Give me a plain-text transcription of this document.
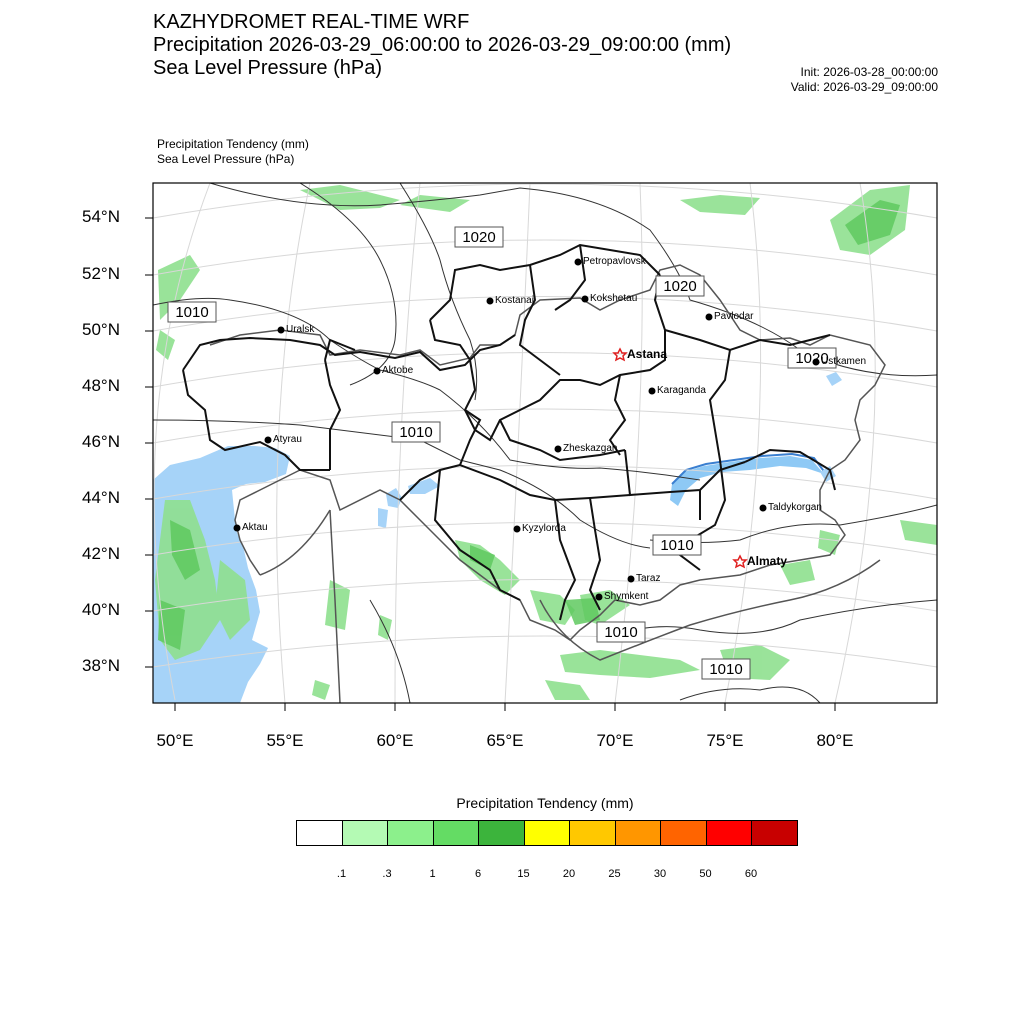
KAZHYDROMET REAL-TIME WRF
Precipitation 2026-03-29_06:00:00 to 2026-03-29_09:00:00 (mm)
Sea Level Pressure (hPa)	Init: 2026-03-28_00:00:00
Valid: 2026-03-29_09:00:00
Precipitation Tendency (mm)
Sea Level Pressure (hPa)
1020
1010
1020
1010
1020
1010
1010
1010
Petropavlovsk
Kostanai	Kokshetau
Pavlodar
Uralsk
Astana
Ustkamen
Aktobe
Karaganda
Atyrau
Zheskazgan
Aktau	Kyzylorda
Taldykorgan
Almaty
Taraz
Shymkent
54°N
52°N
50°N
48°N
46°N
44°N
42°N
40°N
38°N
50°E	55°E	60°E	65°E	70°E	75°E	80°E
Precipitation Tendency (mm)
.1	.3	1	6	15	20	25	30	50	60
